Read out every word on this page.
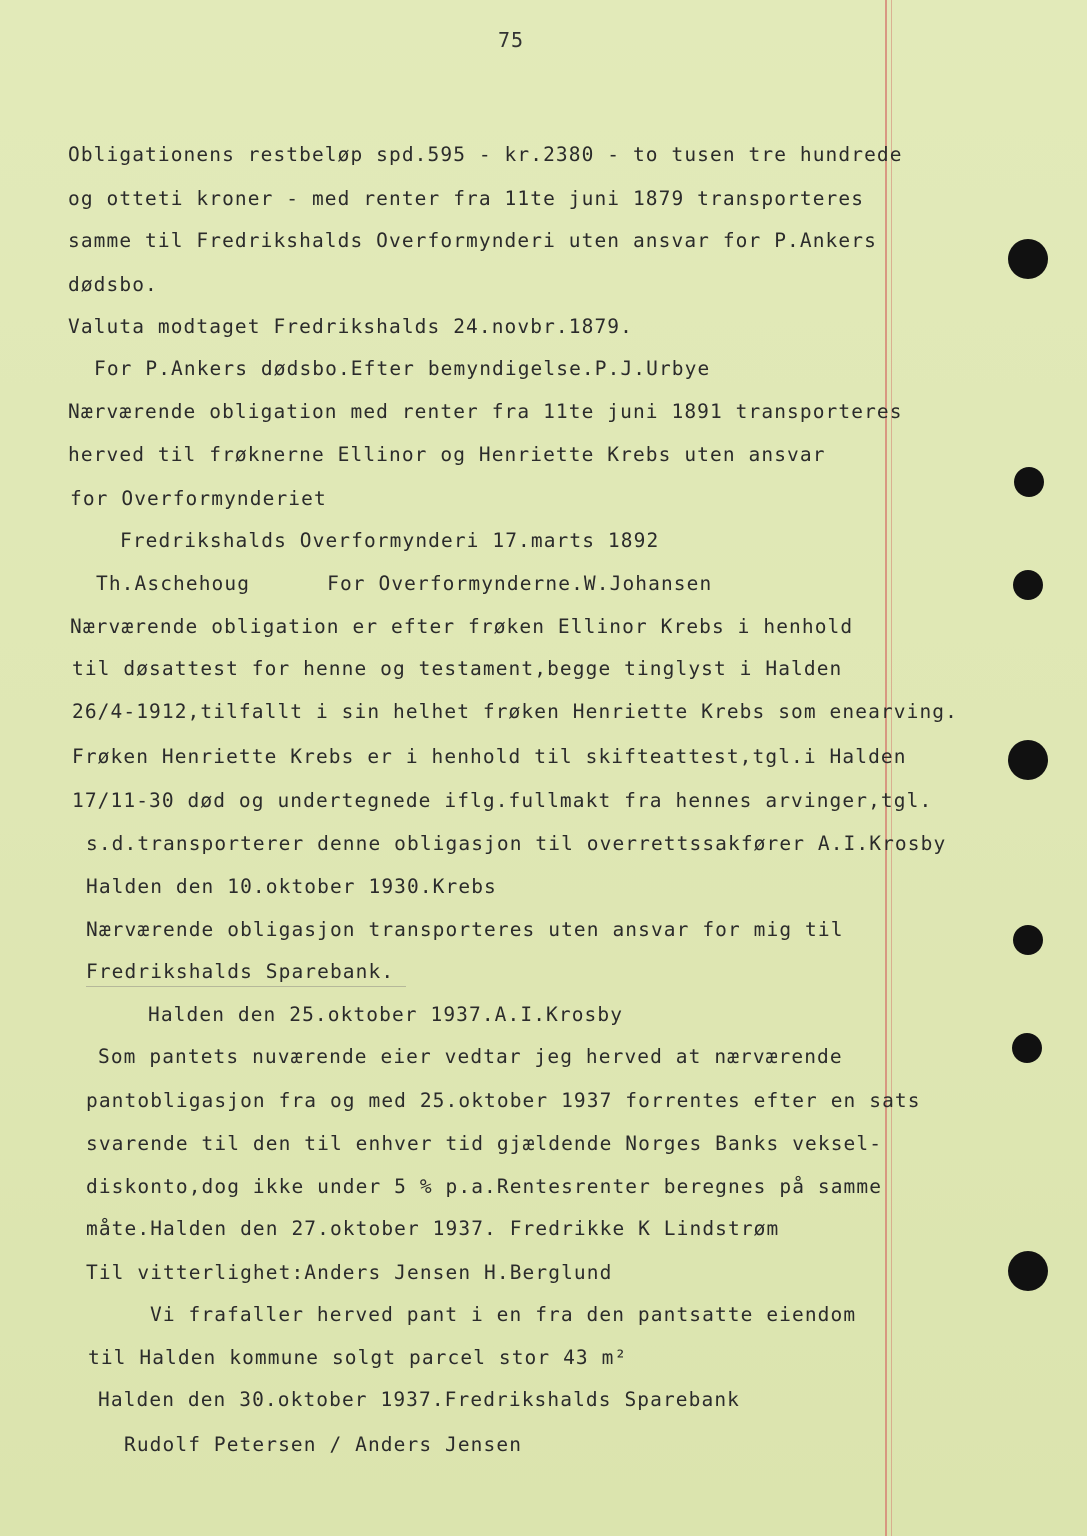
75
Obligationens restbeløp spd.595 - kr.2380 - to tusen tre hundrede
og otteti kroner - med renter fra 11te juni 1879 transporteres
samme til Fredrikshalds Overformynderi uten ansvar for P.Ankers
dødsbo.
Valuta modtaget Fredrikshalds 24.novbr.1879.
For P.Ankers dødsbo.Efter bemyndigelse.P.J.Urbye
Nærværende obligation med renter fra 11te juni 1891 transporteres
herved til frøknerne Ellinor og Henriette Krebs uten ansvar
for Overformynderiet
Fredrikshalds Overformynderi 17.marts 1892
Th.Aschehoug      For Overformynderne.W.Johansen
Nærværende obligation er efter frøken Ellinor Krebs i henhold
til døsattest for henne og testament,begge tinglyst i Halden
26/4-1912,tilfallt i sin helhet frøken Henriette Krebs som enearving.
Frøken Henriette Krebs er i henhold til skifteattest,tgl.i Halden
17/11-30 død og undertegnede iflg.fullmakt fra hennes arvinger,tgl.
s.d.transporterer denne obligasjon til overrettssakfører A.I.Krosby
Halden den 10.oktober 1930.Krebs
Nærværende obligasjon transporteres uten ansvar for mig til
Fredrikshalds Sparebank.
Halden den 25.oktober 1937.A.I.Krosby
Som pantets nuværende eier vedtar jeg herved at nærværende
pantobligasjon fra og med 25.oktober 1937 forrentes efter en sats
svarende til den til enhver tid gjældende Norges Banks veksel-
diskonto,dog ikke under 5 % p.a.Rentesrenter beregnes på samme
måte.Halden den 27.oktober 1937. Fredrikke K Lindstrøm
Til vitterlighet:Anders Jensen H.Berglund
Vi frafaller herved pant i en fra den pantsatte eiendom
til Halden kommune solgt parcel stor 43 m²
Halden den 30.oktober 1937.Fredrikshalds Sparebank
Rudolf Petersen / Anders Jensen
